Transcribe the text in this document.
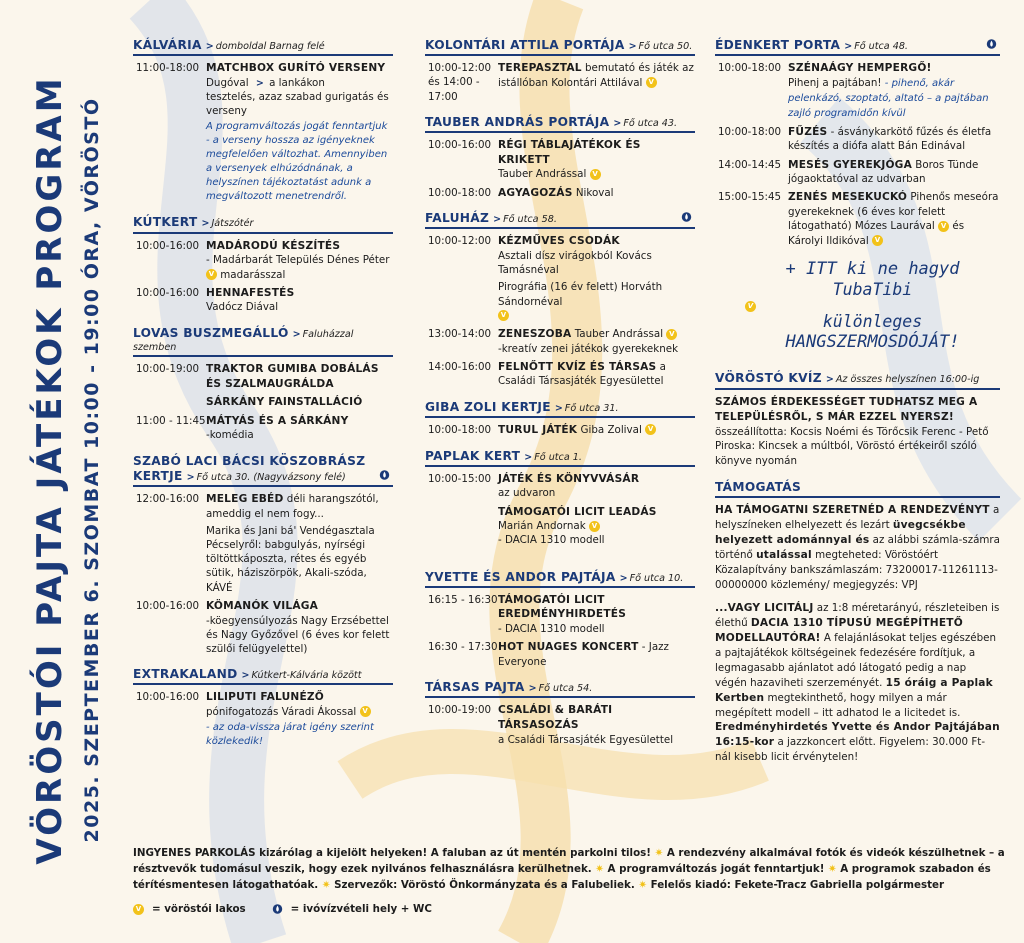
VÖRÖSTÓI PAJTA JÁTÉKOK PROGRAM 2025. SZEPTEMBER 6. SZOMBAT 10:00 - 19:00 ÓRA, VÖRÖSTÓ
KÁLVÁRIA > domboldal Barnag felé
11:00-18:00 MATCHBOX GURÍTÓ VERSENY
Dugóval > a lankákon
tesztelés, azaz szabad gurigatás és verseny
A programváltozás jogát fenntartjuk - a verseny hossza az igényeknek megfelelően változhat. Amennyiben a versenyek elhúzódnának, a helyszínen tájékoztatást adunk a megváltozott menetrendről.
KÚTKERT > Játszótér
10:00-16:00 MADÁRODÚ KÉSZÍTÉS
- Madárbarát Település Dénes Péter V madarásszal
10:00-16:00 HENNAFESTÉS
Vadócz Diával
LOVAS BUSZMEGÁLLÓ > Faluházzal szemben
10:00-19:00 TRAKTOR GUMIBA DOBÁLÁS ÉS SZALMAUGRÁLDA
SÁRKÁNY FAINSTALLÁCIÓ
11:00 - 11:45 MÁTYÁS ÉS A SÁRKÁNY
-komédia
SZABÓ LACI BÁCSI KÖSZOBRÁSZ KERTJE > Fő utca 30. (Nagyvázsony felé)
12:00-16:00 MELEG EBÉD déli harangszótól, ameddig el nem fogy...
Marika és Jani bá' Vendégasztala Pécselyről: babgulyás, nyírségi töltöttkáposzta, rétes és egyéb sütik, háziszörpök, Akali-szóda, KÁVÉ
10:00-16:00 KÖMANÓK VILÁGA
-köegyensúlyozás Nagy Erzsébettel és Nagy Győzővel (6 éves kor felett szülői felügyelettel)
EXTRAKALAND > Kútkert-Kálvária között
10:00-16:00 LILIPUTI FALUNÉZŐ
pónifogatozás Váradi Ákossal V
- az oda-vissza járat igény szerint közlekedik!
KOLONTÁRI ATTILA PORTÁJA > Fő utca 50.
10:00-12:00 és 14:00 - 17:00
TEREPASZTAL bemutató és játék az istállóban Kolontári Attilával V
TAUBER ANDRÁS PORTÁJA > Fő utca 43.
10:00-16:00 RÉGI TÁBLAJÁTÉKOK ÉS KRIKETT
Tauber Andrással V
10:00-18:00 AGYAGOZÁS Nikoval
FALUHÁZ > Fő utca 58.
10:00-12:00 KÉZMŰVES CSODÁK
Asztali dísz virágokból Kovács Tamásnéval
Pirográfia (16 év felett) Horváth Sándornéval V
13:00-14:00 ZENESZOBA Tauber Andrással V
-kreatív zenei játékok gyerekeknek
14:00-16:00 FELNŐTT KVÍZ ÉS TÁRSAS a Családi Társasjáték Egyesülettel
GIBA ZOLI KERTJE > Fő utca 31.
10:00-18:00 TURUL JÁTÉK Giba Zolival V
PAPLAK KERT > Fő utca 1.
10:00-15:00 JÁTÉK ÉS KÖNYVVÁSÁR
az udvaron
TÁMOGATÓI LICIT LEADÁS
Marián Andornak V
- DACIA 1310 modell
YVETTE ÉS ANDOR PAJTÁJA > Fő utca 10.
16:15 - 16:30 TÁMOGATÓI LICIT EREDMÉNYHIRDETÉS
- DACIA 1310 modell
16:30 - 17:30 HOT NUAGES KONCERT - Jazz Everyone
TÁRSAS PAJTA > Fő utca 54.
10:00-19:00 CSALÁDI & BARÁTI TÁRSASOZÁS
a Családi Társasjáték Egyesülettel
ÉDENKERT PORTA > Fő utca 48.
10:00-18:00 SZÉNAÁGY HEMPERGŐ!
Pihenj a pajtában! - pihenő, akár pelenkázó, szoptató, altató – a pajtában zajló programidőn kívül
10:00-18:00 FŰZÉS - ásványkarkötő fűzés és életfa készítés a diófa alatt Bán Edinával
14:00-14:45 MESÉS GYEREKJÓGA Boros Tünde jógaoktatóval az udvarban
15:00-15:45 ZENÉS MESEKUCKÓ Pihenős meseóra gyerekeknek (6 éves kor felett látogatható) Mózes Laurával V és Károlyi Ildikóval V
+ ITT ki ne hagyd
TubaTibi
V
különleges
HANGSZERMOSDÓJÁT!
VÖRÖSTÓ KVÍZ > Az összes helyszínen 16:00-ig
SZÁMOS ÉRDEKESSÉGET TUDHATSZ MEG A TELEPÜLÉSRŐL, S MÁR EZZEL NYERSZ!
összeállította: Kocsis Noémi és Törőcsik Ferenc - Pető Piroska: Kincsek a múltból, Vöröstó értékeiről szóló könyve nyomán
TÁMOGATÁS
HA TÁMOGATNI SZERETNÉD A RENDEZVÉNYT a helyszíneken elhelyezett és lezárt üvegcsékbe helyezett adománnyal és az alábbi számla-számra történő utalással megteheted: Vöröstóért Közalapítvány bankszámlaszám: 73200017-11261113-00000000 közlemény/ megjegyzés: VPJ
...VAGY LICITÁLJ az 1:8 méretarányú, részleteiben is élethű DACIA 1310 TÍPUSÚ MEGÉPÍTHETŐ MODELLAUTÓRA! A felajánlásokat teljes egészében a pajtajátékok költségeinek fedezésére fordítjuk, a legmagasabb ajánlatot adó látogató pedig a nap végén hazaviheti szerzeményét. 15 óráig a Paplak Kertben megtekinthető, hogy milyen a már megépített modell – itt adhatod le a licitedet is. Eredményhirdetés Yvette és Andor Pajtájában 16:15-kor a jazzkoncert előtt. Figyelem: 30.000 Ft-nál kisebb licit érvénytelen!
INGYENES PARKOLÁS kizárólag a kijelölt helyeken! A faluban az út mentén parkolni tilos! ✷ A rendezvény alkalmával fotók és videók készülhetnek – a résztvevők tudomásul veszik, hogy ezek nyilvános felhasználásra kerülhetnek. ✷ A programváltozás jogát fenntartjuk! ✷ A programok szabadon és térítésmentesen látogathatóak. ✷ Szervezők: Vöröstó Önkormányzata és a Falubeliek. ✷ Felelős kiadó: Fekete-Tracz Gabriella polgármester
V = vöröstói lakos	= ivóvízvételi hely + WC
